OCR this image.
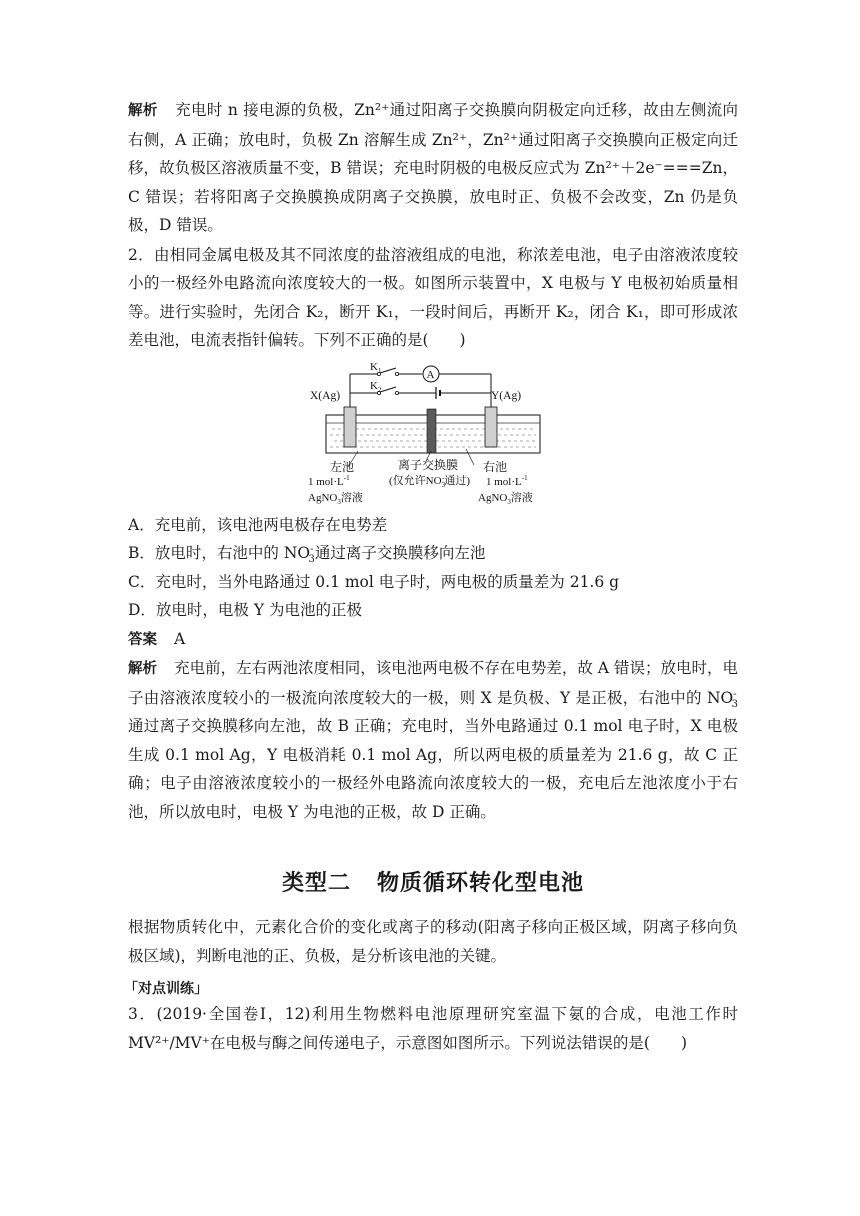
解析 充电时 n 接电源的负极，Zn²⁺通过阳离子交换膜向阴极定向迁移，故由左侧流向右侧，A 正确；放电时，负极 Zn 溶解生成 Zn²⁺，Zn²⁺通过阳离子交换膜向正极定向迁移，故负极区溶液质量不变，B 错误；充电时阴极的电极反应式为 Zn²⁺＋2e⁻===Zn，C 错误；若将阳离子交换膜换成阴离子交换膜，放电时正、负极不会改变，Zn 仍是负极，D 错误。

2．由相同金属电极及其不同浓度的盐溶液组成的电池，称浓差电池，电子由溶液浓度较小的一极经外电路流向浓度较大的一极。如图所示装置中，X 电极与 Y 电极初始质量相等。进行实验时，先闭合 K₂，断开 K₁，一段时间后，再断开 K₂，闭合 K₁，即可形成浓差电池，电流表指针偏转。下列不正确的是(　　)

A
$K_1$
$K_2$
X(Ag)	Y(Ag)
左池	右池
离子交换膜
(仅允许$NO_3-$通过)
1 $mol\cdot L^{-1}$	1 $mol\cdot L^{-1}$
AgNO$_3$溶液	AgNO$_3$溶液

A．充电前，该电池两电极存在电势差

B．放电时，右池中的 $NO^-_3$通过离子交换膜移向左池

C．充电时，当外电路通过 0.1 mol 电子时，两电极的质量差为 21.6 g

D．放电时，电极 Y 为电池的正极

答案 A

解析 充电前，左右两池浓度相同，该电池两电极不存在电势差，故 A 错误；放电时，电子由溶液浓度较小的一极流向浓度较大的一极，则 X 是负极、Y 是正极，右池中的 $NO^-_3$通过离子交换膜移向左池，故 B 正确；充电时，当外电路通过 0.1 mol 电子时，X 电极生成 0.1 mol Ag，Y 电极消耗 0.1 mol Ag，所以两电极的质量差为 21.6 g，故 C 正确；电子由溶液浓度较小的一极经外电路流向浓度较大的一极，充电后左池浓度小于右池，所以放电时，电极 Y 为电池的正极，故 D 正确。

类型二 物质循环转化型电池

根据物质转化中，元素化合价的变化或离子的移动(阳离子移向正极区域，阴离子移向负极区域)，判断电池的正、负极，是分析该电池的关键。

「对点训练」

3．(2019·全国卷Ⅰ，12)利用生物燃料电池原理研究室温下氨的合成，电池工作时 MV²⁺/MV⁺在电极与酶之间传递电子，示意图如图所示。下列说法错误的是(　　)
